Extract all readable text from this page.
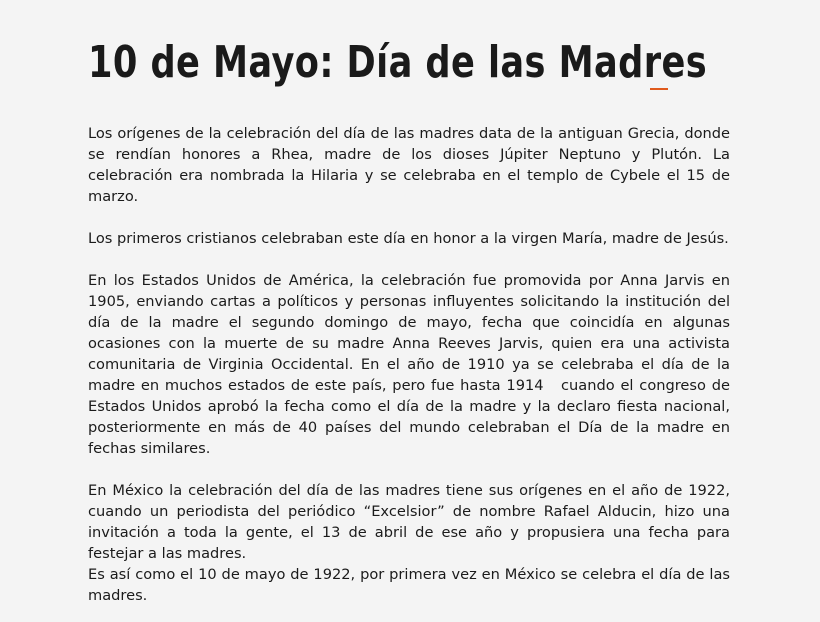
10 de Mayo: Día de las Madres

Los orígenes de la celebración del día de las madres data de la antiguan Grecia, donde se rendían honores a Rhea, madre de los dioses Júpiter Neptuno y Plutón. La celebración era nombrada la Hilaria y se celebraba en el templo de Cybele el 15 de marzo.

Los primeros cristianos celebraban este día en honor a la virgen María, madre de Jesús.

En los Estados Unidos de América, la celebración fue promovida por Anna Jarvis en 1905, enviando cartas a políticos y personas influyentes solicitando la institución del día de la madre el segundo domingo de mayo, fecha que coincidía en algunas ocasiones con la muerte de su madre Anna Reeves Jarvis, quien era una activista comunitaria de Virginia Occidental. En el año de 1910 ya se celebraba el día de la madre en muchos estados de este país, pero fue hasta 1914   cuando el congreso de Estados Unidos aprobó la fecha como el día de la madre y la declaro fiesta nacional, posteriormente en más de 40 países del mundo celebraban el Día de la madre en fechas similares.

En México la celebración del día de las madres tiene sus orígenes en el año de 1922, cuando un periodista del periódico “Excelsior” de nombre Rafael Alducin, hizo una invitación a toda la gente, el 13 de abril de ese año y propusiera una fecha para festejar a las madres.

Es así como el 10 de mayo de 1922, por primera vez en México se celebra el día de las madres.
